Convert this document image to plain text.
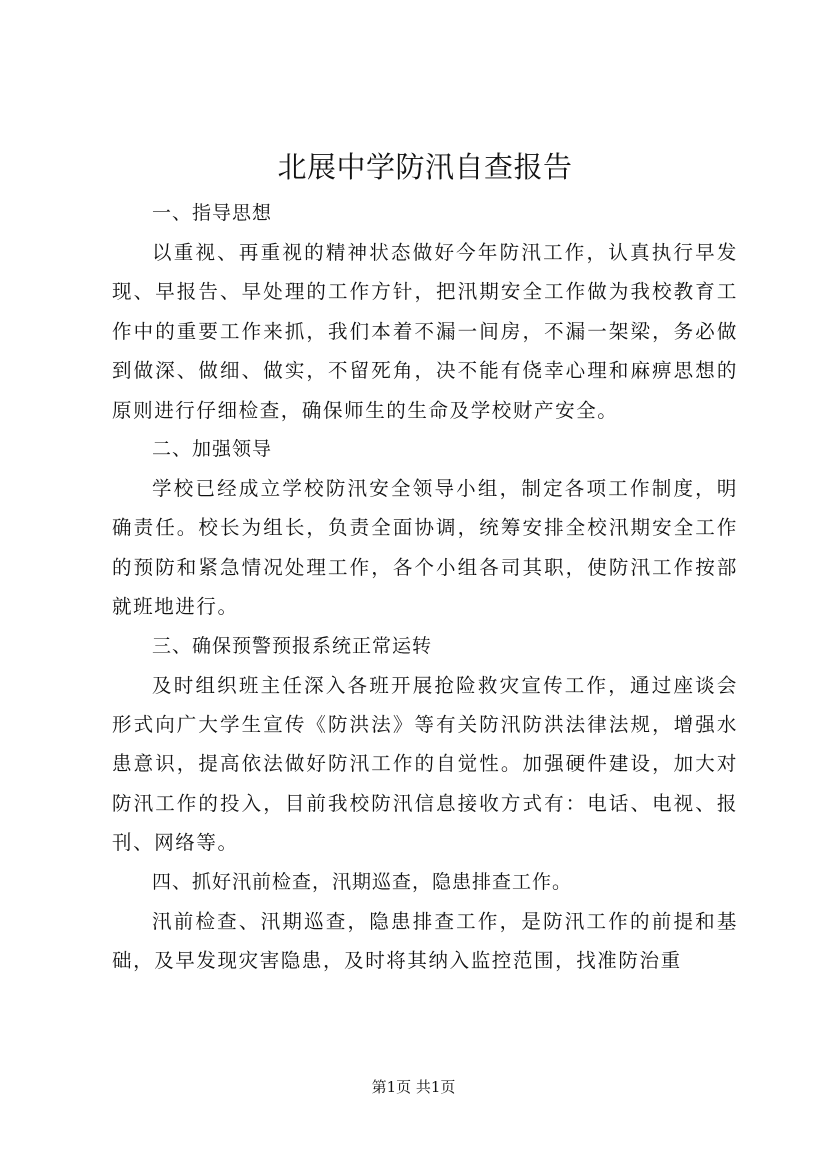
北展中学防汛自查报告

一、指导思想

以重视、再重视的精神状态做好今年防汛工作，认真执行早发现、早报告、早处理的工作方针，把汛期安全工作做为我校教育工作中的重要工作来抓，我们本着不漏一间房，不漏一架梁，务必做到做深、做细、做实，不留死角，决不能有侥幸心理和麻痹思想的原则进行仔细检查，确保师生的生命及学校财产安全。

二、加强领导

学校已经成立学校防汛安全领导小组，制定各项工作制度，明确责任。校长为组长，负责全面协调，统筹安排全校汛期安全工作的预防和紧急情况处理工作，各个小组各司其职，使防汛工作按部就班地进行。

三、确保预警预报系统正常运转

及时组织班主任深入各班开展抢险救灾宣传工作，通过座谈会形式向广大学生宣传《防洪法》等有关防汛防洪法律法规，增强水患意识，提高依法做好防汛工作的自觉性。加强硬件建设，加大对防汛工作的投入，目前我校防汛信息接收方式有：电话、电视、报刊、网络等。

四、抓好汛前检查，汛期巡查，隐患排查工作。

汛前检查、汛期巡查，隐患排查工作，是防汛工作的前提和基础，及早发现灾害隐患，及时将其纳入监控范围，找准防治重

第1页 共1页
